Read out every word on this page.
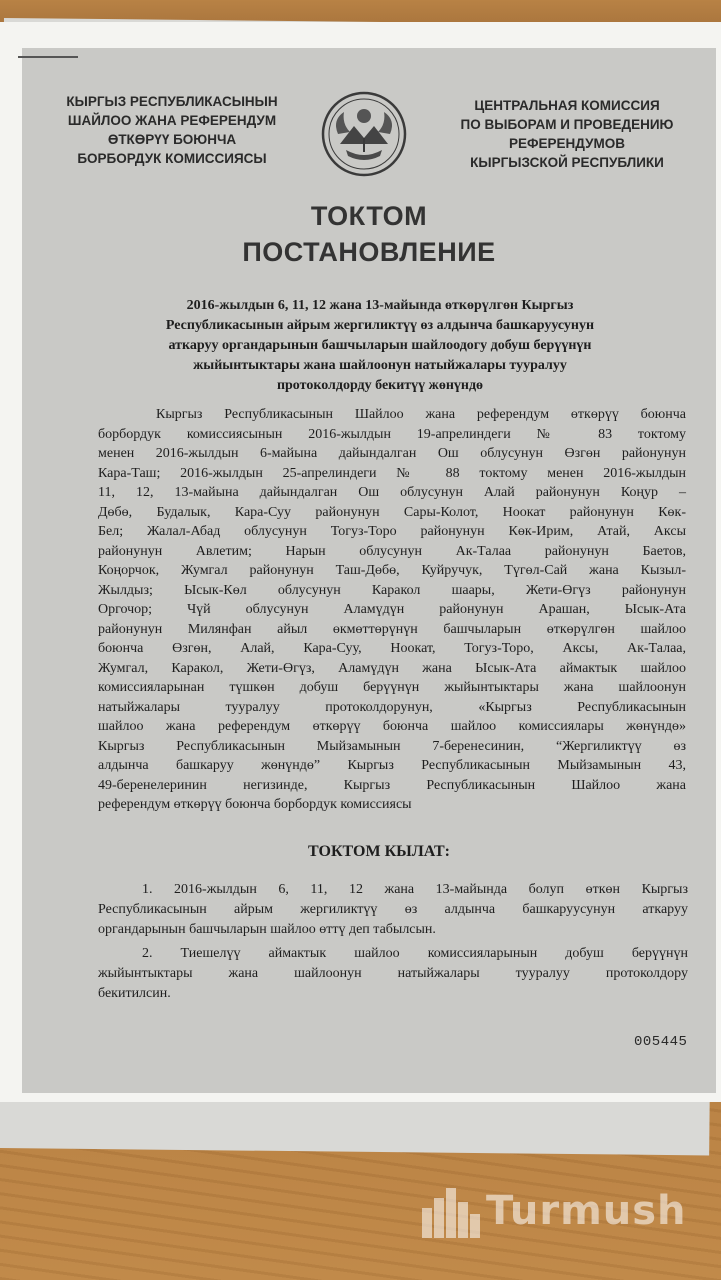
КЫРГЫЗ РЕСПУБЛИКАСЫНЫН
ШАЙЛОО ЖАНА РЕФЕРЕНДУМ
ӨТКӨРҮҮ БОЮНЧА
БОРБОРДУК КОМИССИЯСЫ
ЦЕНТРАЛЬНАЯ КОМИССИЯ
ПО ВЫБОРАМ И ПРОВЕДЕНИЮ
РЕФЕРЕНДУМОВ
КЫРГЫЗСКОЙ РЕСПУБЛИКИ
ТОКТОМ
ПОСТАНОВЛЕНИЕ
2016-жылдын 6, 11, 12 жана 13-майында өткөрүлгөн Кыргыз
Республикасынын айрым жергиликтүү өз алдынча башкаруусунун
аткаруу органдарынын башчыларын шайлоодогу добуш берүүнүн
жыйынтыктары жана шайлоонун натыйжалары тууралуу
протоколдорду бекитүү жөнүндө
Кыргыз Республикасынын Шайлоо жана референдум өткөрүү боюнча
борбордук комиссиясынын 2016-жылдын 19-апрелиндеги № 83 токтому
менен 2016-жылдын 6-майына дайындалган Ош облусунун Өзгөн районунун
Кара-Таш; 2016-жылдын 25-апрелиндеги № 88 токтому менен 2016-жылдын
11, 12, 13-майына дайындалган Ош облусунун Алай районунун Коңур –
Дөбө, Будалык, Кара-Суу районунун Сары-Колот, Ноокат районунун Көк-
Бел; Жалал-Абад облусунун Тогуз-Торо районунун Көк-Ирим, Атай, Аксы
районунун Авлетим; Нарын облусунун Ак-Талаа районунун Баетов,
Коңорчок, Жумгал районунун Таш-Дөбө, Куйручук, Түгөл-Сай жана Кызыл-
Жылдыз; Ысык-Көл облусунун Каракол шаары, Жети-Өгүз районунун
Оргочор; Чүй облусунун Аламүдүн районунун Арашан, Ысык-Ата
районунун Милянфан айыл өкмөттөрүнүн башчыларын өткөрүлгөн шайлоо
боюнча Өзгөн, Алай, Кара-Суу, Ноокат, Тогуз-Торо, Аксы, Ак-Талаа,
Жумгал, Каракол, Жети-Өгүз, Аламүдүн жана Ысык-Ата аймактык шайлоо
комиссияларынан түшкөн добуш берүүнүн жыйынтыктары жана шайлоонун
натыйжалары тууралуу протоколдорунун, «Кыргыз Республикасынын
шайлоо жана референдум өткөрүү боюнча шайлоо комиссиялары жөнүндө»
Кыргыз Республикасынын Мыйзамынын 7-беренесинин, “Жергиликтүү өз
алдынча башкаруу жөнүндө” Кыргыз Республикасынын Мыйзамынын 43,
49-беренелеринин негизинде, Кыргыз Республикасынын Шайлоо жана
референдум өткөрүү боюнча борбордук комиссиясы
ТОКТОМ КЫЛАТ:
1. 2016-жылдын 6, 11, 12 жана 13-майында болуп өткөн Кыргыз
Республикасынын айрым жергиликтүү өз алдынча башкаруусунун аткаруу
органдарынын башчыларын шайлоо өттү деп табылсын.
2. Тиешелүү аймактык шайлоо комиссияларынын добуш берүүнүн
жыйынтыктары жана шайлоонун натыйжалары тууралуу протоколдору
бекитилсин.
005445
Turmush
